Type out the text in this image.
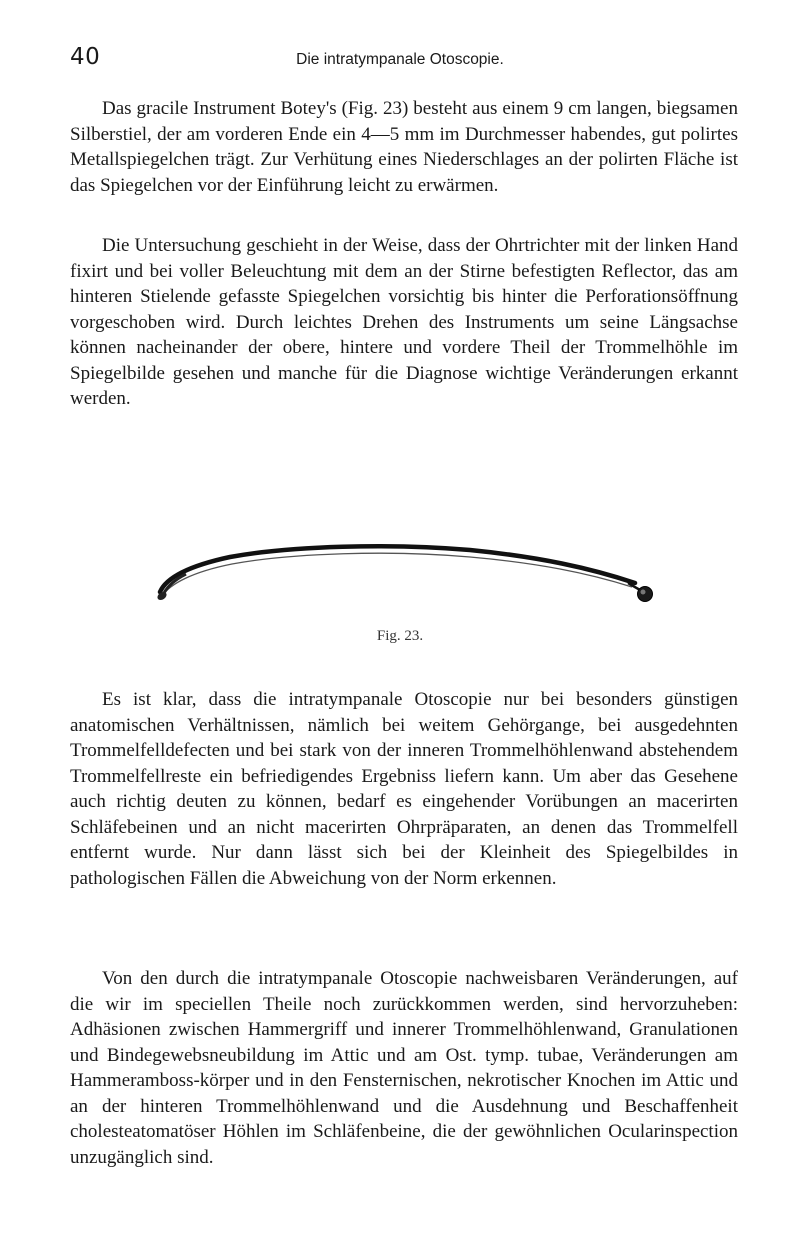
40	Die intratympanale Otoscopie.

Das gracile Instrument Botey's (Fig. 23) besteht aus einem 9 cm langen, biegsamen Silberstiel, der am vorderen Ende ein 4—5 mm im Durchmesser habendes, gut polirtes Metallspiegelchen trägt. Zur Verhütung eines Niederschlages an der polirten Fläche ist das Spiegelchen vor der Einführung leicht zu erwärmen.

Die Untersuchung geschieht in der Weise, dass der Ohrtrichter mit der linken Hand fixirt und bei voller Beleuchtung mit dem an der Stirne befestigten Reflector, das am hinteren Stielende gefasste Spiegelchen vorsichtig bis hinter die Perforationsöffnung vorgeschoben wird. Durch leichtes Drehen des Instruments um seine Längsachse können nacheinander der obere, hintere und vordere Theil der Trommelhöhle im Spiegelbilde gesehen und manche für die Diagnose wichtige Veränderungen erkannt werden.

Fig. 23.

Es ist klar, dass die intratympanale Otoscopie nur bei besonders günstigen anatomischen Verhältnissen, nämlich bei weitem Gehörgange, bei ausgedehnten Trommelfelldefecten und bei stark von der inneren Trommelhöhlenwand abstehendem Trommelfellreste ein befriedigendes Ergebniss liefern kann. Um aber das Gesehene auch richtig deuten zu können, bedarf es eingehender Vorübungen an macerirten Schläfebeinen und an nicht macerirten Ohrpräparaten, an denen das Trommelfell entfernt wurde. Nur dann lässt sich bei der Kleinheit des Spiegelbildes in pathologischen Fällen die Abweichung von der Norm erkennen.

Von den durch die intratympanale Otoscopie nachweisbaren Veränderungen, auf die wir im speciellen Theile noch zurückkommen werden, sind hervorzuheben: Adhäsionen zwischen Hammergriff und innerer Trommelhöhlenwand, Granulationen und Bindegewebsneubildung im Attic und am Ost. tymp. tubae, Veränderungen am Hammeramboss-körper und in den Fensternischen, nekrotischer Knochen im Attic und an der hinteren Trommelhöhlenwand und die Ausdehnung und Beschaffenheit cholesteatomatöser Höhlen im Schläfenbeine, die der gewöhnlichen Ocularinspection unzugänglich sind.
